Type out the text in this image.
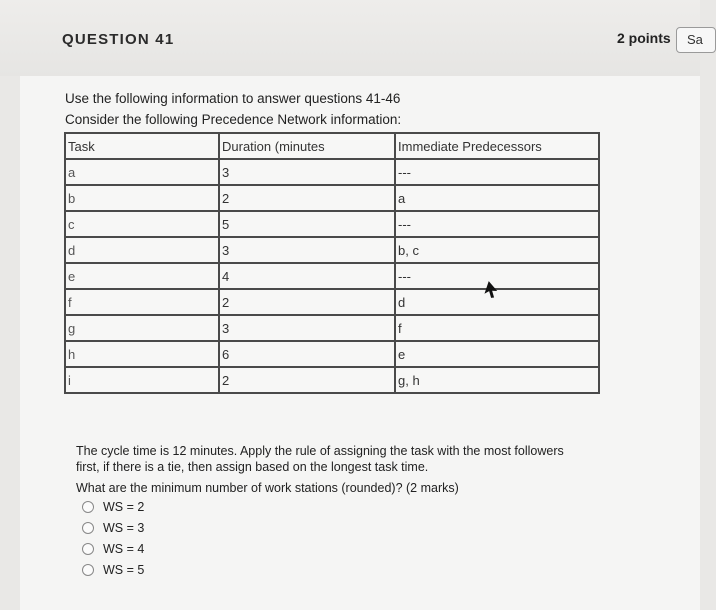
QUESTION 41	2 points	Sa
Use the following information to answer questions 41-46
Consider the following Precedence Network information:
Task	Duration (minutes	Immediate Predecessors
a	3	---
b	2	a
c	5	---
d	3	b, c
e	4	---
f	2	d
g	3	f
h	6	e
i	2	g, h
The cycle time is 12 minutes. Apply the rule of assigning the task with the most followers
first, if there is a tie, then assign based on the longest task time.
What are the minimum number of work stations (rounded)? (2 marks)
WS = 2
WS = 3
WS = 4
WS = 5
